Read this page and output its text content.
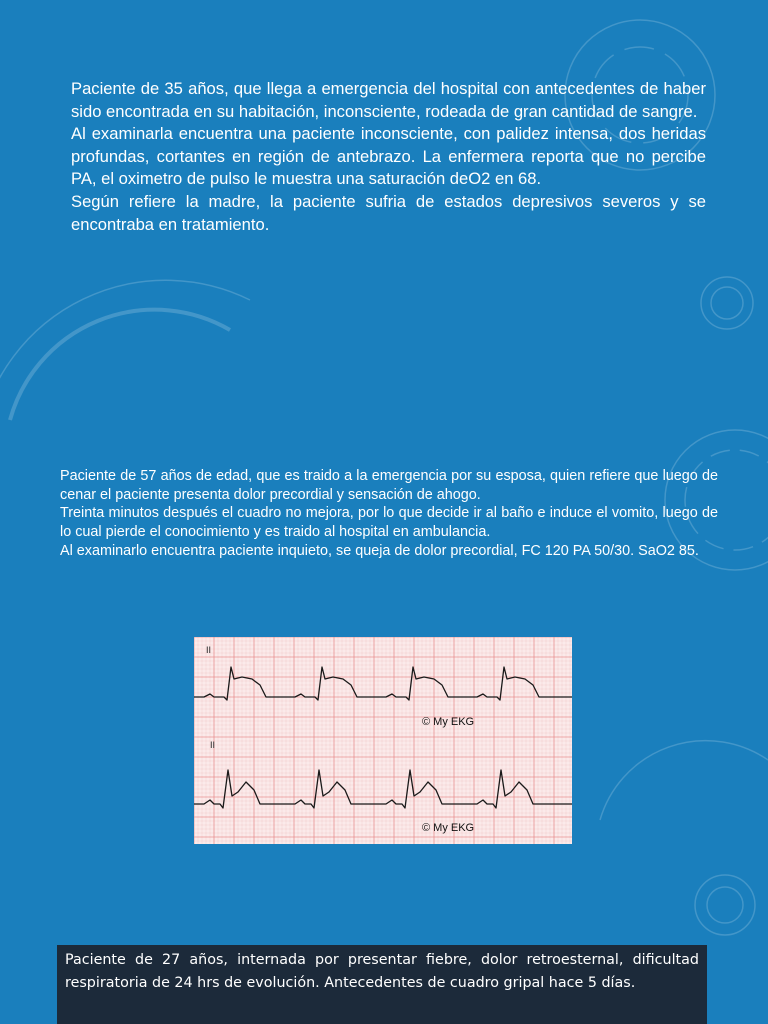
Paciente de 35 años, que llega a emergencia del hospital con antecedentes de haber sido encontrada en su habitación, inconsciente, rodeada de gran cantidad de sangre.

Al examinarla encuentra una paciente inconsciente, con palidez intensa, dos heridas profundas, cortantes en región de antebrazo. La enfermera reporta que no percibe PA, el oximetro de pulso le muestra una saturación deO2 en 68.

Según refiere la madre, la paciente sufria de estados depresivos severos y se encontraba en tratamiento.

Paciente de 57 años de edad, que es traido a la emergencia por su esposa, quien refiere que luego de cenar el paciente presenta dolor precordial y sensación de ahogo.

Treinta minutos después el cuadro no mejora, por lo que decide ir al baño e induce el vomito, luego de lo cual pierde el conocimiento y es traido al hospital en ambulancia.

Al examinarlo encuentra paciente inquieto, se queja de dolor precordial, FC 120 PA 50/30. SaO2 85.

II
© My EKG
II
© My EKG

Paciente de 27 años, internada por presentar fiebre, dolor retroesternal, dificultad respiratoria de 24 hrs de evolución. Antecedentes de cuadro gripal hace 5 días.
